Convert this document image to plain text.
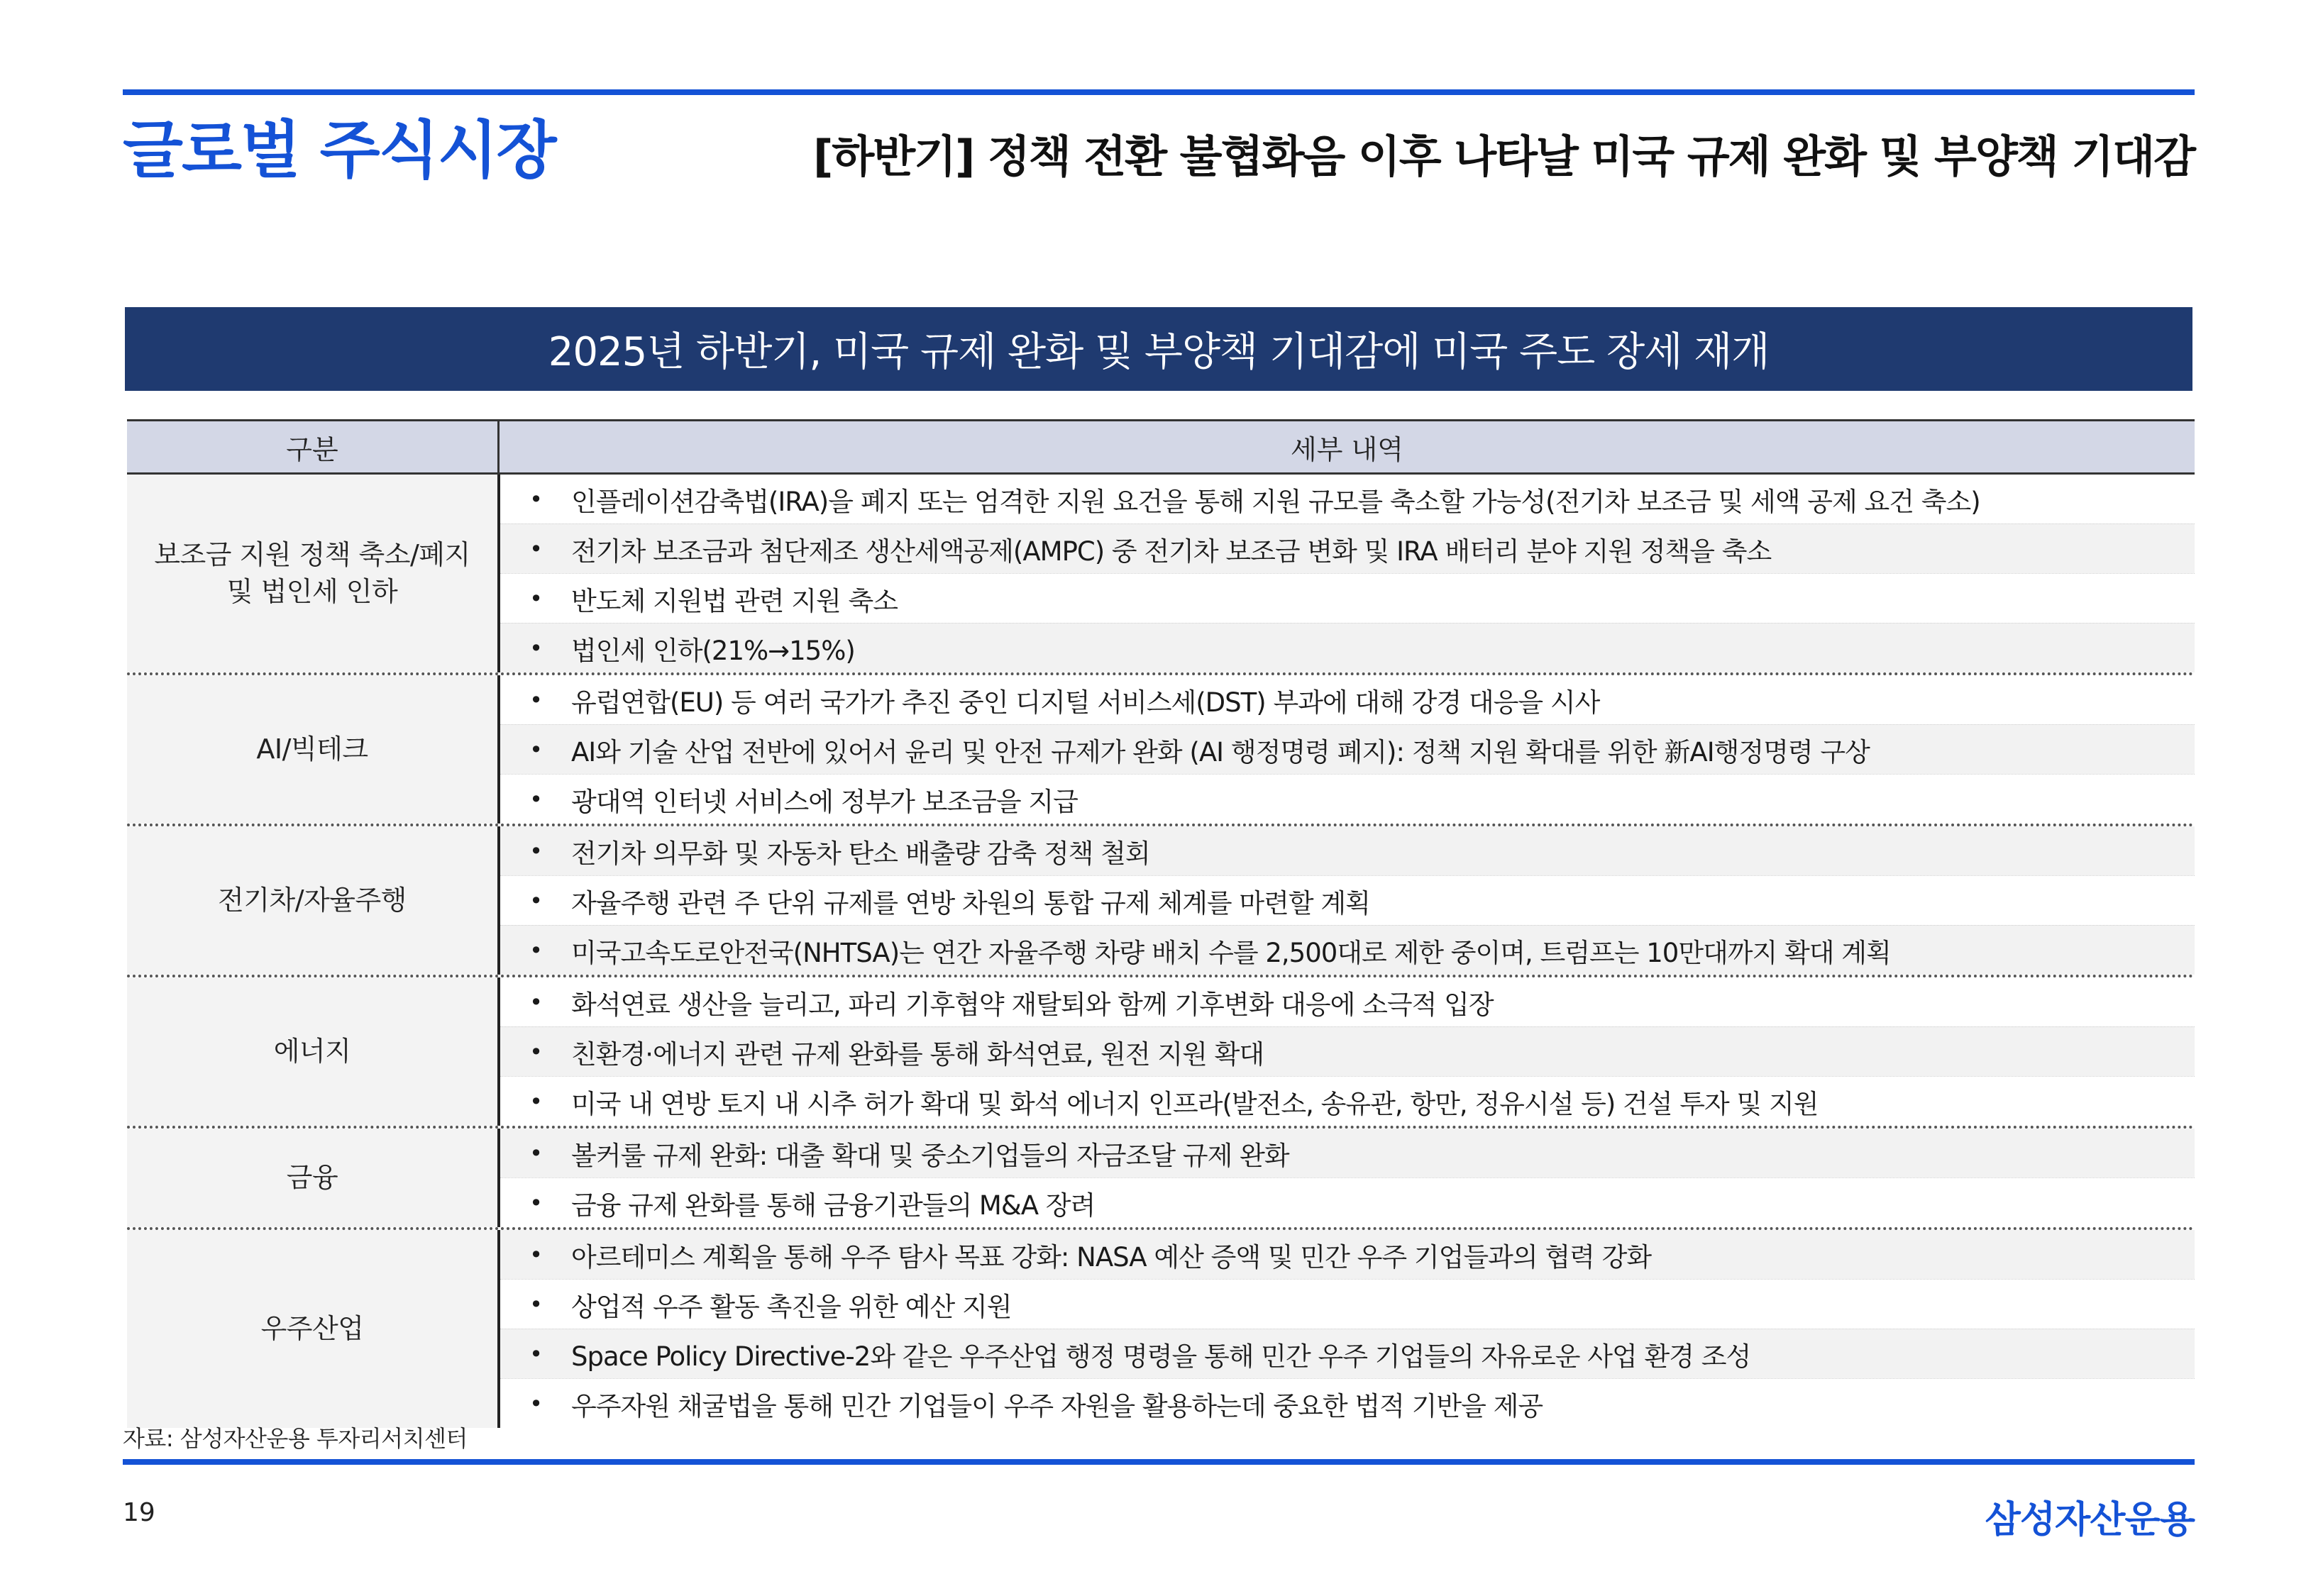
글로벌 주식시장	[하반기] 정책 전환 불협화음 이후 나타날 미국 규제 완화 및 부양책 기대감
2025년 하반기, 미국 규제 완화 및 부양책 기대감에 미국 주도 장세 재개
구분	세부 내역
보조금 지원 정책 축소/폐지
및 법인세 인하
•	인플레이션감축법(IRA)을 폐지 또는 엄격한 지원 요건을 통해 지원 규모를 축소할 가능성(전기차 보조금 및 세액 공제 요건 축소)
•	전기차 보조금과 첨단제조 생산세액공제(AMPC) 중 전기차 보조금 변화 및 IRA 배터리 분야 지원 정책을 축소
•	반도체 지원법 관련 지원 축소
•	법인세 인하(21%→15%)
AI/빅테크
•	유럽연합(EU) 등 여러 국가가 추진 중인 디지털 서비스세(DST) 부과에 대해 강경 대응을 시사
•	AI와 기술 산업 전반에 있어서 윤리 및 안전 규제가 완화 (AI 행정명령 폐지): 정책 지원 확대를 위한 新AI행정명령 구상
•	광대역 인터넷 서비스에 정부가 보조금을 지급
전기차/자율주행
•	전기차 의무화 및 자동차 탄소 배출량 감축 정책 철회
•	자율주행 관련 주 단위 규제를 연방 차원의 통합 규제 체계를 마련할 계획
•	미국고속도로안전국(NHTSA)는 연간 자율주행 차량 배치 수를 2,500대로 제한 중이며, 트럼프는 10만대까지 확대 계획
에너지
•	화석연료 생산을 늘리고, 파리 기후협약 재탈퇴와 함께 기후변화 대응에 소극적 입장
•	친환경·에너지 관련 규제 완화를 통해 화석연료, 원전 지원 확대
•	미국 내 연방 토지 내 시추 허가 확대 및 화석 에너지 인프라(발전소, 송유관, 항만, 정유시설 등) 건설 투자 및 지원
금융
•	볼커룰 규제 완화: 대출 확대 및 중소기업들의 자금조달 규제 완화
•	금융 규제 완화를 통해 금융기관들의 M&A 장려
우주산업
•	아르테미스 계획을 통해 우주 탐사 목표 강화: NASA 예산 증액 및 민간 우주 기업들과의 협력 강화
•	상업적 우주 활동 촉진을 위한 예산 지원
•	Space Policy Directive-2와 같은 우주산업 행정 명령을 통해 민간 우주 기업들의 자유로운 사업 환경 조성
•	우주자원 채굴법을 통해 민간 기업들이 우주 자원을 활용하는데 중요한 법적 기반을 제공
자료: 삼성자산운용 투자리서치센터
19	삼성자산운용
